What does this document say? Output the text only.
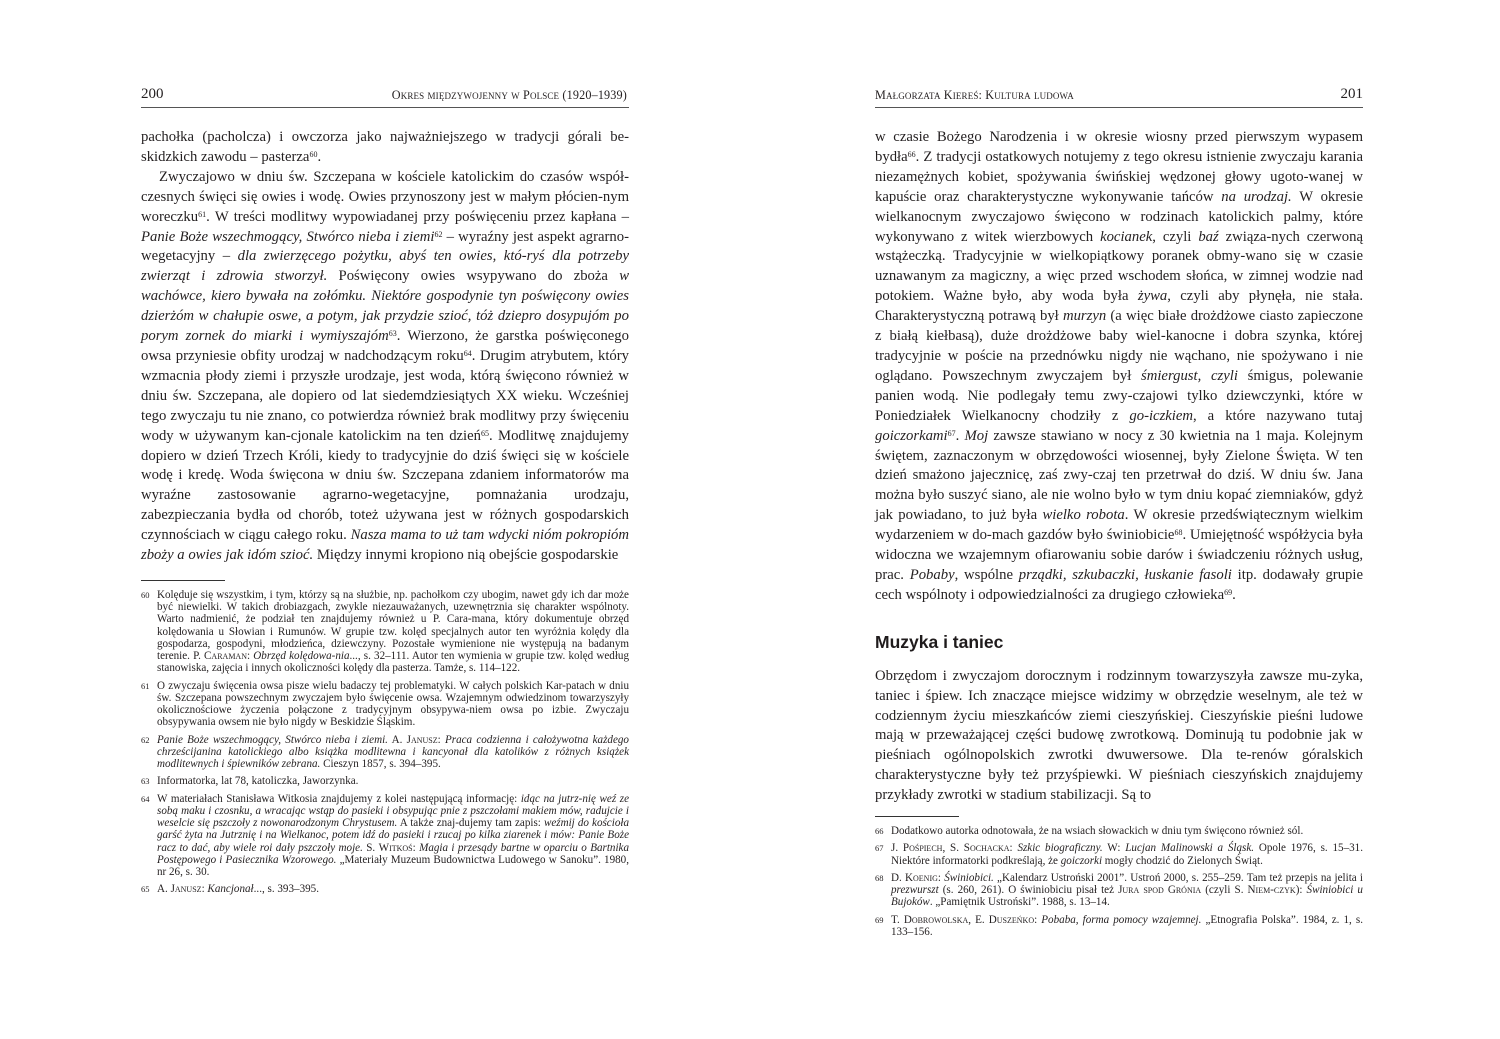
200	Okres międzywojenny w Polsce (1920–1939)

pachołka (pacholcza) i owczorza jako najważniejszego w tradycji górali be-skidzkich zawodu – pasterza$^{60}$.

Zwyczajowo w dniu św. Szczepana w kościele katolickim do czasów współ-czesnych święci się owies i wodę. Owies przynoszony jest w małym płócien-nym woreczku$^{61}$. W treści modlitwy wypowiadanej przy poświęceniu przez kapłana – Panie Boże wszechmogący, Stwórco nieba i ziemi$^{62}$ – wyraźny jest aspekt agrarno-wegetacyjny – dla zwierzęcego pożytku, abyś ten owies, któ-ryś dla potrzeby zwierząt i zdrowia stworzył. Poświęcony owies wsypywano do zboża w wachówce, kiero bywała na zołómku. Niektóre gospodynie tyn poświęcony owies dzierżóm w chałupie oswe, a potym, jak przydzie szioć, tóż dziepro dosypujóm po porym zornek do miarki i wymiyszajóm$^{63}$. Wierzono, że garstka poświęconego owsa przyniesie obfity urodzaj w nadchodzącym roku$^{64}$. Drugim atrybutem, który wzmacnia płody ziemi i przyszłe urodzaje, jest woda, którą święcono również w dniu św. Szczepana, ale dopiero od lat siedemdziesiątych XX wieku. Wcześniej tego zwyczaju tu nie znano, co potwierdza również brak modlitwy przy święceniu wody w używanym kan-cjonale katolickim na ten dzień$^{65}$. Modlitwę znajdujemy dopiero w dzień Trzech Króli, kiedy to tradycyjnie do dziś święci się w kościele wodę i kredę. Woda święcona w dniu św. Szczepana zdaniem informatorów ma wyraźne zastosowanie agrarno-wegetacyjne, pomnażania urodzaju, zabezpieczania bydła od chorób, toteż używana jest w różnych gospodarskich czynnościach w ciągu całego roku. Nasza mama to uż tam wdycki nióm pokropióm zboży a owies jak idóm szioć. Między innymi kropiono nią obejście gospodarskie

60 Kolęduje się wszystkim, i tym, którzy są na służbie, np. pachołkom czy ubogim, nawet gdy ich dar może być niewielki. W takich drobiazgach, zwykle niezauważanych, uzewnętrznia się charakter wspólnoty. Warto nadmienić, że podział ten znajdujemy również u P. Cara-mana, który dokumentuje obrzęd kolędowania u Słowian i Rumunów. W grupie tzw. kolęd specjalnych autor ten wyróżnia kolędy dla gospodarza, gospodyni, młodzieńca, dziewczyny. Pozostałe wymienione nie występują na badanym terenie. P. Caraman: Obrzęd kolędowa-nia..., s. 32–111. Autor ten wymienia w grupie tzw. kolęd według stanowiska, zajęcia i innych okoliczności kolędy dla pasterza. Tamże, s. 114–122.
61 O zwyczaju święcenia owsa pisze wielu badaczy tej problematyki. W całych polskich Kar-patach w dniu św. Szczepana powszechnym zwyczajem było święcenie owsa. Wzajemnym odwiedzinom towarzyszyły okolicznościowe życzenia połączone z tradycyjnym obsypywa-niem owsa po izbie. Zwyczaju obsypywania owsem nie było nigdy w Beskidzie Śląskim.
62 Panie Boże wszechmogący, Stwórco nieba i ziemi. A. Janusz: Praca codzienna i całożywotna każdego chrześcijanina katolickiego albo książka modlitewna i kancyonał dla katolików z różnych książek modlitewnych i śpiewników zebrana. Cieszyn 1857, s. 394–395.
63 Informatorka, lat 78, katoliczka, Jaworzynka.
64 W materiałach Stanisława Witkosia znajdujemy z kolei następującą informację: idąc na jutrz-nię weź ze sobą maku i czosnku, a wracając wstąp do pasieki i obsypując pnie z pszczołami makiem mów, radujcie i weselcie się pszczoły z nowonarodzonym Chrystusem. A także znaj-dujemy tam zapis: weźmij do kościoła garść żyta na Jutrznię i na Wielkanoc, potem idź do pasieki i rzucaj po kilka ziarenek i mów: Panie Boże racz to dać, aby wiele roi dały pszczoły moje. S. Witkoś: Magia i przesądy bartne w oparciu o Bartnika Postępowego i Pasiecznika Wzorowego. „Materiały Muzeum Budownictwa Ludowego w Sanoku”. 1980, nr 26, s. 30.
65 A. Janusz: Kancjonał..., s. 393–395.
Małgorzata Kiereś: Kultura ludowa	201

w czasie Bożego Narodzenia i w okresie wiosny przed pierwszym wypasem bydła$^{66}$. Z tradycji ostatkowych notujemy z tego okresu istnienie zwyczaju karania niezamężnych kobiet, spożywania świńskiej wędzonej głowy ugoto-wanej w kapuście oraz charakterystyczne wykonywanie tańców na urodzaj. W okresie wielkanocnym zwyczajowo święcono w rodzinach katolickich palmy, które wykonywano z witek wierzbowych kocianek, czyli baź związa-nych czerwoną wstążeczką. Tradycyjnie w wielkopiątkowy poranek obmy-wano się w czasie uznawanym za magiczny, a więc przed wschodem słońca, w zimnej wodzie nad potokiem. Ważne było, aby woda była żywa, czyli aby płynęła, nie stała. Charakterystyczną potrawą był murzyn (a więc białe drożdżowe ciasto zapieczone z białą kiełbasą), duże drożdżowe baby wiel-kanocne i dobra szynka, której tradycyjnie w poście na przednówku nigdy nie wąchano, nie spożywano i nie oglądano. Powszechnym zwyczajem był śmiergust, czyli śmigus, polewanie panien wodą. Nie podlegały temu zwy-czajowi tylko dziewczynki, które w Poniedziałek Wielkanocny chodziły z go-iczkiem, a które nazywano tutaj goiczorkami$^{67}$. Moj zawsze stawiano w nocy z 30 kwietnia na 1 maja. Kolejnym świętem, zaznaczonym w obrzędowości wiosennej, były Zielone Święta. W ten dzień smażono jajecznicę, zaś zwy-czaj ten przetrwał do dziś. W dniu św. Jana można było suszyć siano, ale nie wolno było w tym dniu kopać ziemniaków, gdyż jak powiadano, to już była wielko robota. W okresie przedświątecznym wielkim wydarzeniem w do-mach gazdów było świniobicie$^{68}$. Umiejętność współżycia była widoczna we wzajemnym ofiarowaniu sobie darów i świadczeniu różnych usług, prac. Pobaby, wspólne prządki, szkubaczki, łuskanie fasoli itp. dodawały grupie cech wspólnoty i odpowiedzialności za drugiego człowieka$^{69}$.

Muzyka i taniec

Obrzędom i zwyczajom dorocznym i rodzinnym towarzyszyła zawsze mu-zyka, taniec i śpiew. Ich znaczące miejsce widzimy w obrzędzie weselnym, ale też w codziennym życiu mieszkańców ziemi cieszyńskiej. Cieszyńskie pieśni ludowe mają w przeważającej części budowę zwrotkową. Dominują tu podobnie jak w pieśniach ogólnopolskich zwrotki dwuwersowe. Dla te-renów góralskich charakterystyczne były też przyśpiewki. W pieśniach cieszyńskich znajdujemy przykłady zwrotki w stadium stabilizacji. Są to

66 Dodatkowo autorka odnotowała, że na wsiach słowackich w dniu tym święcono również sól.
67 J. Pośpiech, S. Sochacka: Szkic biograficzny. W: Lucjan Malinowski a Śląsk. Opole 1976, s. 15–31. Niektóre informatorki podkreślają, że goiczorki mogły chodzić do Zielonych Świąt.
68 D. Koenig: Świniobici. „Kalendarz Ustroński 2001”. Ustroń 2000, s. 255–259. Tam też przepis na jelita i prezwurszt (s. 260, 261). O świniobiciu pisał też Jura spod Grónia (czyli S. Niem-czyk): Świniobici u Bujoków. „Pamiętnik Ustroński”. 1988, s. 13–14.
69 T. Dobrowolska, E. Duszeńko: Pobaba, forma pomocy wzajemnej. „Etnografia Polska”. 1984, z. 1, s. 133–156.
